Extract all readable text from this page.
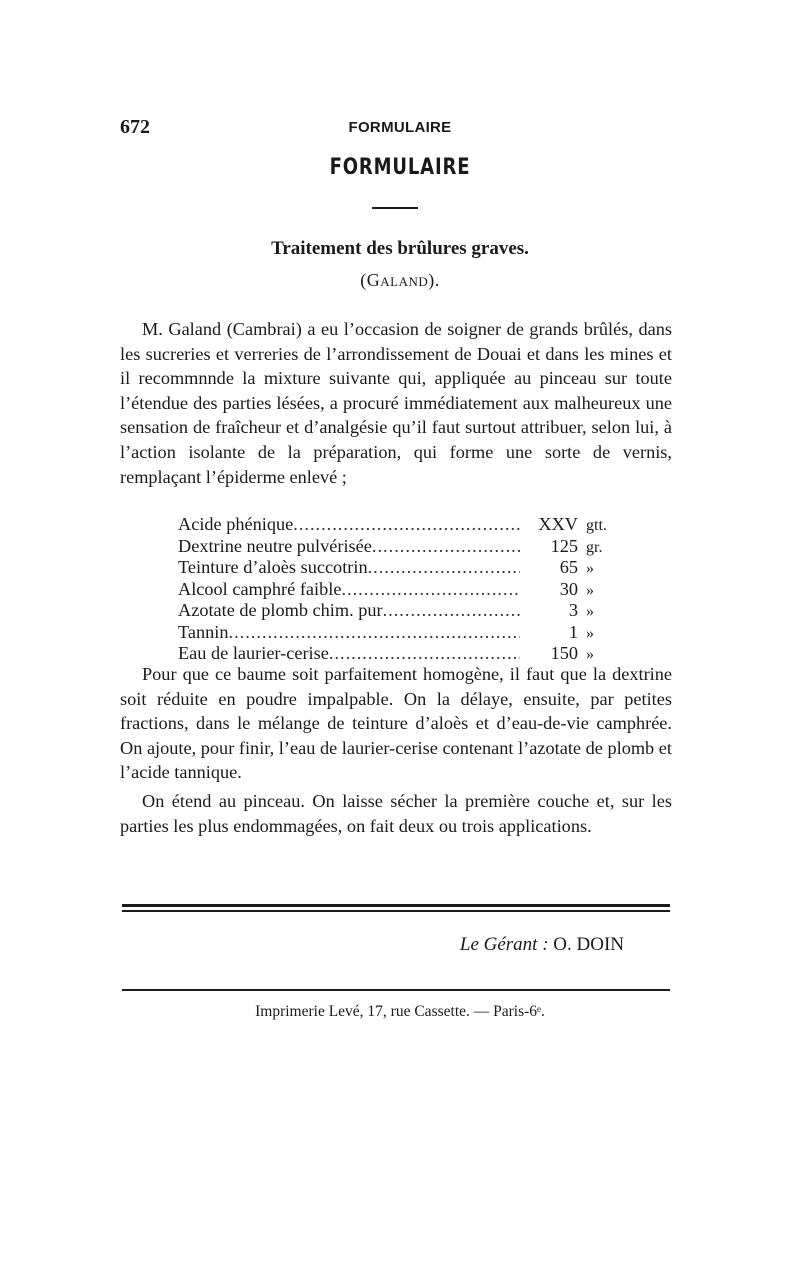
672	FORMULAIRE
FORMULAIRE
Traitement des brûlures graves.
(Galand).

M. Galand (Cambrai) a eu l’occasion de soigner de grands brûlés, dans les sucreries et verreries de l’arrondissement de Douai et dans les mines et il recommnnde la mixture suivante qui, appliquée au pinceau sur toute l’étendue des parties lésées, a procuré immédiatement aux malheureux une sensation de fraîcheur et d’analgésie qu’il faut surtout attribuer, selon lui, à l’action isolante de la préparation, qui forme une sorte de vernis, remplaçant l’épiderme enlevé ;

Acide phénique .....	XXV gtt.
Dextrine neutre pulvérisée .....	125 gr.
Teinture d’aloès succotrin .....	65 »
Alcool camphré faible .....	30 »
Azotate de plomb chim. pur .....	3 »
Tannin .....	1 »
Eau de laurier-cerise .....	150 »

Pour que ce baume soit parfaitement homogène, il faut que la dextrine soit réduite en poudre impalpable. On la délaye, ensuite, par petites fractions, dans le mélange de teinture d’aloès et d’eau-de-vie camphrée. On ajoute, pour finir, l’eau de laurier-cerise contenant l’azotate de plomb et l’acide tannique.

On étend au pinceau. On laisse sécher la première couche et, sur les parties les plus endommagées, on fait deux ou trois applications.

Le Gérant : O. DOIN
Imprimerie Levé, 17, rue Cassette. — Paris-6ᵉ.
